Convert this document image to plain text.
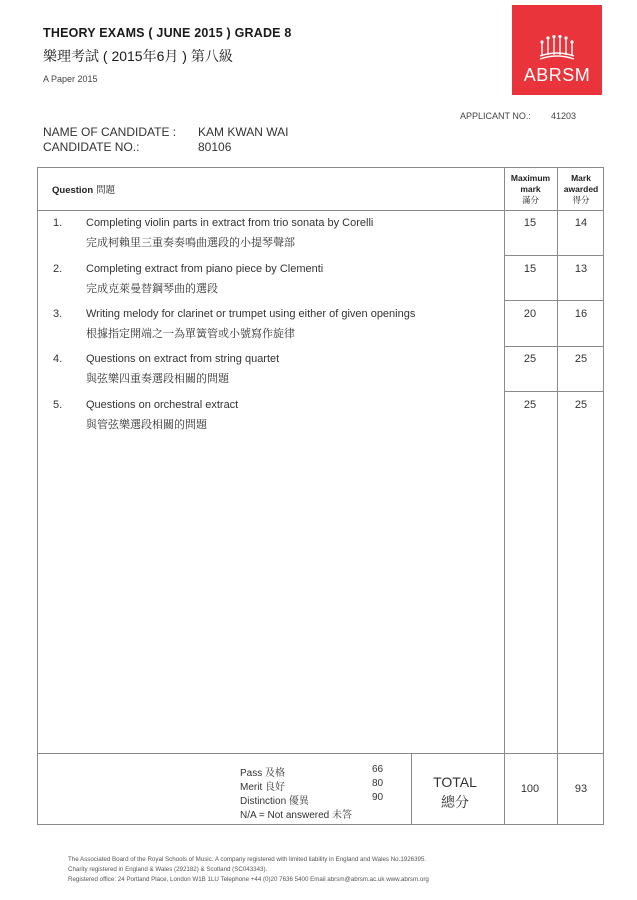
THEORY EXAMS ( JUNE 2015 ) GRADE 8
樂理考試 ( 2015年6月 ) 第八級
A Paper 2015	ABRSM
APPLICANT NO.: 41203
NAME OF CANDIDATE : KAM KWAN WAI
CANDIDATE NO.:	80106
Question 問題
Maximum
mark
滿分
Mark
awarded
得分
1. Completing violin parts in extract from trio sonata by Corelli
完成柯賴里三重奏奏鳴曲選段的小提琴聲部
15	14
2. Completing extract from piano piece by Clementi
完成克萊曼替鋼琴曲的選段
15	13
3. Writing melody for clarinet or trumpet using either of given openings
根據指定開端之一為單簧管或小號寫作旋律
20	16
4. Questions on extract from string quartet
與弦樂四重奏選段相關的問題
25	25
5. Questions on orchestral extract
與管弦樂選段相關的問題
25	25
Pass 及格	66
Merit 良好	80
Distinction 優異	90
N/A = Not answered 未答
TOTAL
總分
100	93
The Associated Board of the Royal Schools of Music. A company registered with limited liability in England and Wales No.1926395.
Charity registered in England & Wales (292182) & Scotland (SC043343).
Registered office: 24 Portland Place, London W1B 1LU Telephone +44 (0)20 7636 5400 Email abrsm@abrsm.ac.uk www.abrsm.org
